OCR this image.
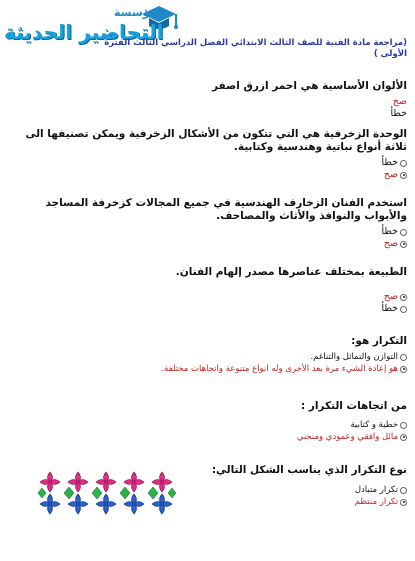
مؤسسة
التحاضير الحديثة
(مراجعة مادة الفنية للصف الثالث الابتدائي الفصل الدراسي الثالث الفترة الأولى )
الألوان الأساسية هي احمر ازرق اصفر
صح
خطأ
الوحدة الزخرفية هي التي تتكون من الأشكال الزخرفية ويمكن تصنيفها الى ثلاثة أنواع نباتية وهندسية وكتابية.
خطأ
صح
استخدم الفنان الزخارف الهندسية في جميع المجالات كزخرفة المساجد والأبواب والنوافذ والأثاث والمصاحف.
خطأ
صح
الطبيعة بمختلف عناصرها مصدر إلهام الفنان.
صح
خطأ
التكرار هو:
التوازن والتماثل والتناغم.
هو إعادة الشيء مرة بعد الأخرى وله انواع متنوعة واتجاهات مختلفة.
من اتجاهات التكرار :
خطية و كتابية
مائل وافقي وعمودي ومنحني
نوع التكرار الذي يناسب الشكل التالي:
تكرار متبادل
تكرار منتظم
